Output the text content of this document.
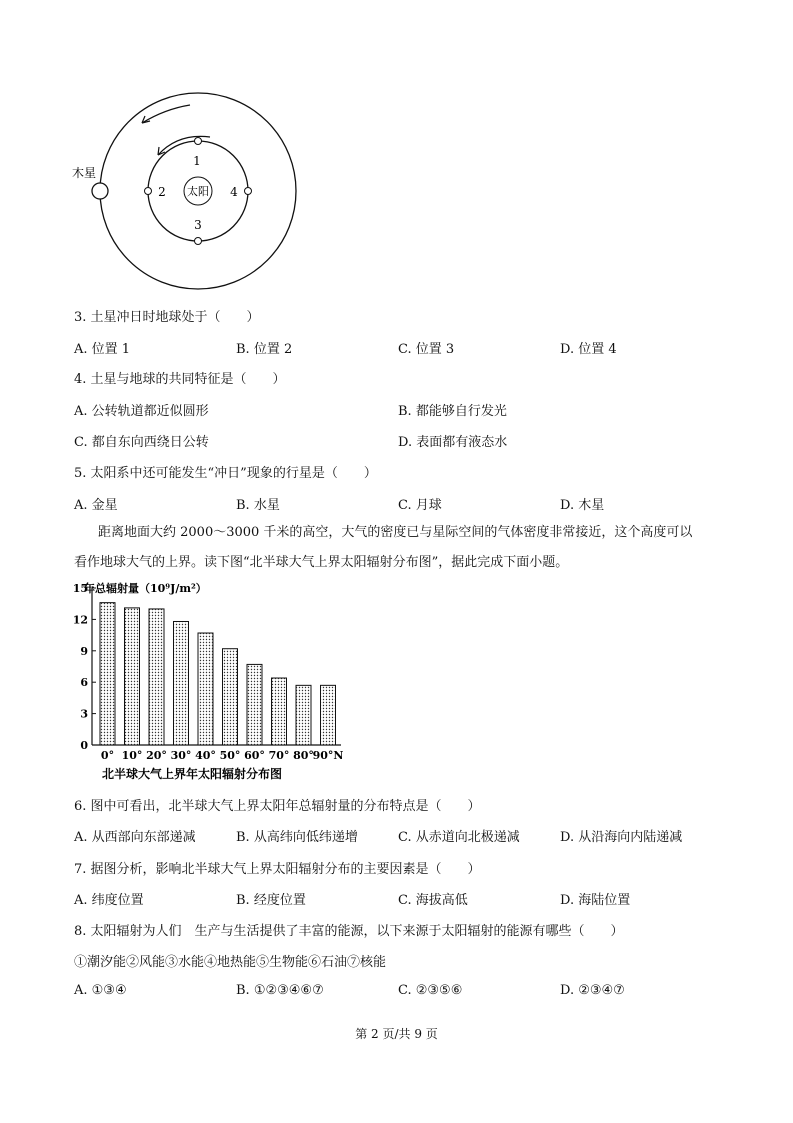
太阳
木星
1
2
3
4
3. 土星冲日时地球处于（　　）
A. 位置 1	B. 位置 2	C. 位置 3	D. 位置 4
4. 土星与地球的共同特征是（　　）
A. 公转轨道都近似圆形	B. 都能够自行发光
C. 都自东向西绕日公转	D. 表面都有液态水
5. 太阳系中还可能发生“冲日”现象的行星是（　　）
A. 金星	B. 水星	C. 月球	D. 木星
距离地面大约 2000～3000 千米的高空，大气的密度已与星际空间的气体密度非常接近，这个高度可以
看作地球大气的上界。读下图“北半球大气上界太阳辐射分布图”，据此完成下面小题。
年总辐射量（10⁹J/m²）
0
3
6
9
12
15
0° 10° 20° 30° 40° 50° 60° 70° 80°
90°N
北半球大气上界年太阳辐射分布图
6. 图中可看出，北半球大气上界太阳年总辐射量的分布特点是（　　）
A. 从西部向东部递减	B. 从高纬向低纬递增	C. 从赤道向北极递减	D. 从沿海向内陆递减
7. 据图分析，影响北半球大气上界太阳辐射分布的主要因素是（　　）
A. 纬度位置	B. 经度位置	C. 海拔高低	D. 海陆位置
8. 太阳辐射为人们　生产与生活提供了丰富的能源，以下来源于太阳辐射的能源有哪些（　　）
①潮汐能②风能③水能④地热能⑤生物能⑥石油⑦核能
A. ①③④	B. ①②③④⑥⑦	C. ②③⑤⑥	D. ②③④⑦
第 2 页/共 9 页
